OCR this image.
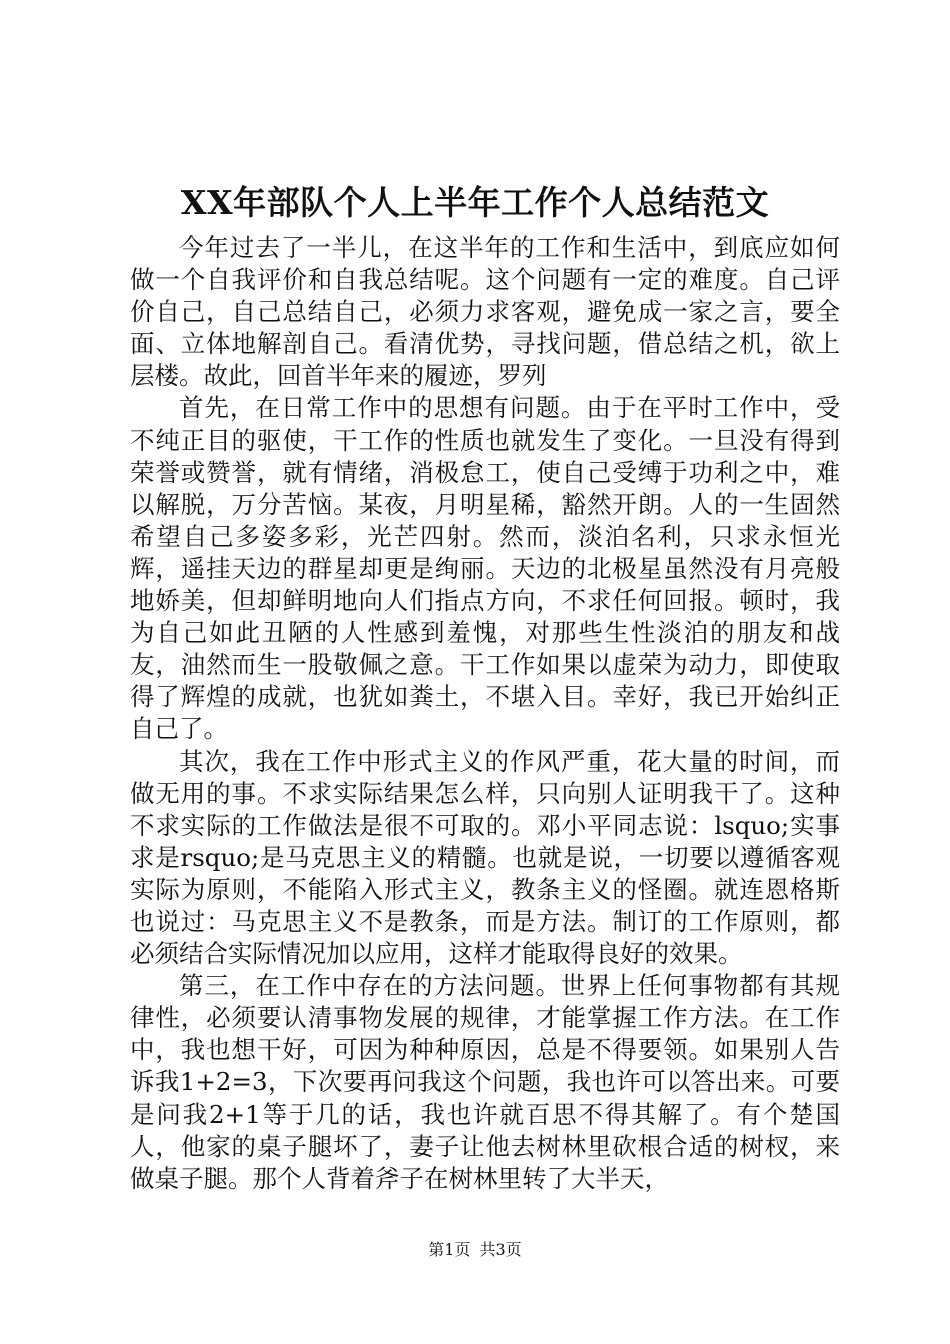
XX年部队个人上半年工作个人总结范文

今年过去了一半儿，在这半年的工作和生活中，到底应如何做一个自我评价和自我总结呢。这个问题有一定的难度。自己评价自己，自己总结自己，必须力求客观，避免成一家之言，要全面、立体地解剖自己。看清优势，寻找问题，借总结之机，欲上层楼。故此，回首半年来的履迹，罗列

首先，在日常工作中的思想有问题。由于在平时工作中，受不纯正目的驱使，干工作的性质也就发生了变化。一旦没有得到荣誉或赞誉，就有情绪，消极怠工，使自己受缚于功利之中，难以解脱，万分苦恼。某夜，月明星稀，豁然开朗。人的一生固然希望自己多姿多彩，光芒四射。然而，淡泊名利，只求永恒光辉，遥挂天边的群星却更是绚丽。天边的北极星虽然没有月亮般地娇美，但却鲜明地向人们指点方向，不求任何回报。顿时，我为自己如此丑陋的人性感到羞愧，对那些生性淡泊的朋友和战友，油然而生一股敬佩之意。干工作如果以虚荣为动力，即使取得了辉煌的成就，也犹如粪土，不堪入目。幸好，我已开始纠正自己了。

其次，我在工作中形式主义的作风严重，花大量的时间，而做无用的事。不求实际结果怎么样，只向别人证明我干了。这种不求实际的工作做法是很不可取的。邓小平同志说：lsquo;实事求是rsquo;是马克思主义的精髓。也就是说，一切要以遵循客观实际为原则，不能陷入形式主义，教条主义的怪圈。就连恩格斯也说过：马克思主义不是教条，而是方法。制订的工作原则，都必须结合实际情况加以应用，这样才能取得良好的效果。

第三，在工作中存在的方法问题。世界上任何事物都有其规律性，必须要认清事物发展的规律，才能掌握工作方法。在工作中，我也想干好，可因为种种原因，总是不得要领。如果别人告诉我1+2=3，下次要再问我这个问题，我也许可以答出来。可要是问我2+1等于几的话，我也许就百思不得其解了。有个楚国人，他家的桌子腿坏了，妻子让他去树林里砍根合适的树杈，来做桌子腿。那个人背着斧子在树林里转了大半天，

第1页 共3页
